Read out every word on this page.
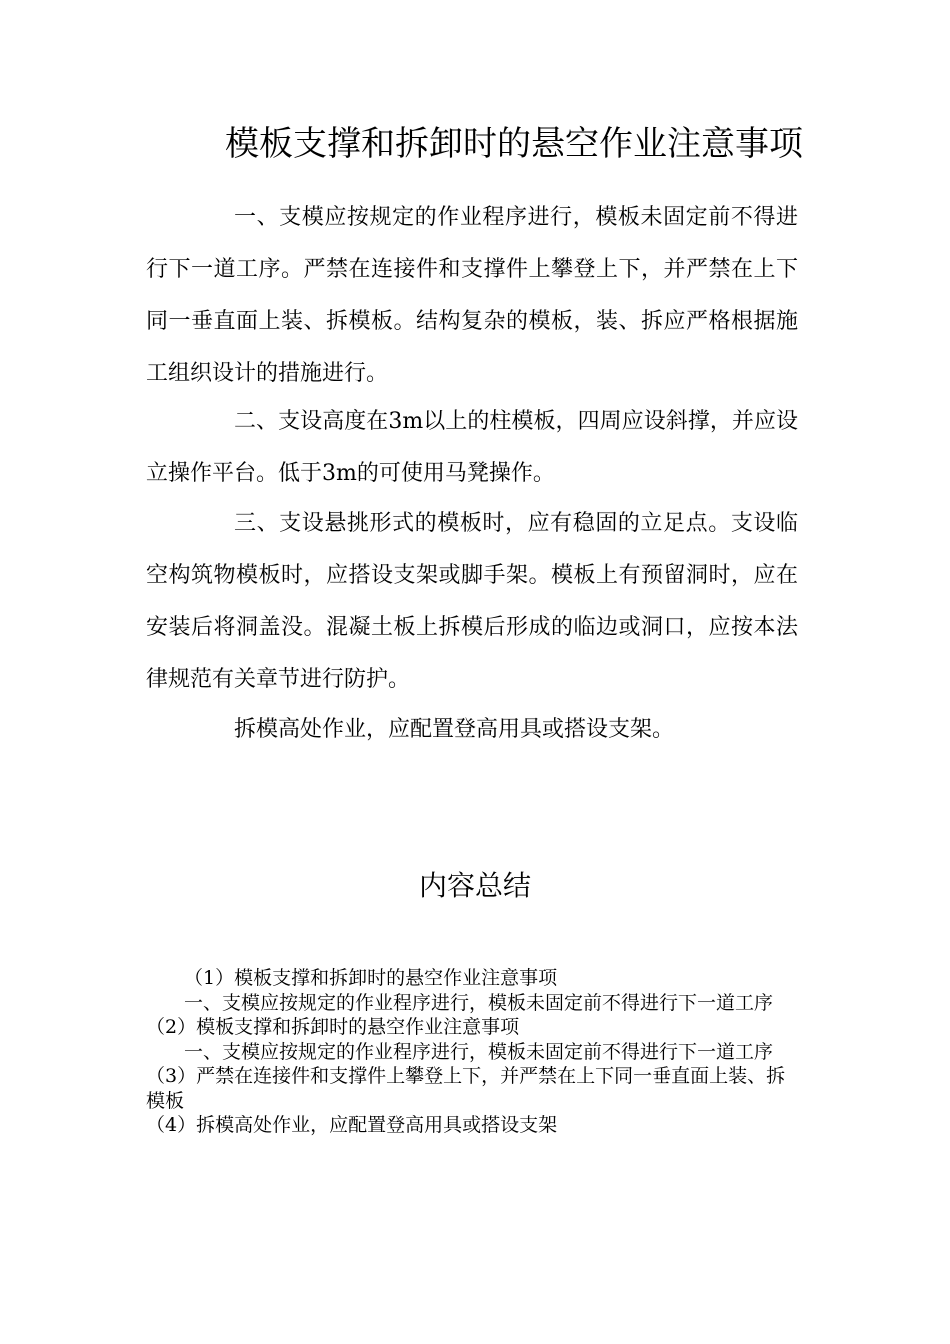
模板支撑和拆卸时的悬空作业注意事项

一、支模应按规定的作业程序进行，模板未固定前不得进行下一道工序。严禁在连接件和支撑件上攀登上下，并严禁在上下同一垂直面上装、拆模板。结构复杂的模板，装、拆应严格根据施工组织设计的措施进行。

二、支设高度在3m以上的柱模板，四周应设斜撑，并应设立操作平台。低于3m的可使用马凳操作。

三、支设悬挑形式的模板时，应有稳固的立足点。支设临空构筑物模板时，应搭设支架或脚手架。模板上有预留洞时，应在安装后将洞盖没。混凝土板上拆模后形成的临边或洞口，应按本法律规范有关章节进行防护。

拆模高处作业，应配置登高用具或搭设支架。

内容总结
（1）模板支撑和拆卸时的悬空作业注意事项
一、支模应按规定的作业程序进行，模板未固定前不得进行下一道工序
（2）模板支撑和拆卸时的悬空作业注意事项
一、支模应按规定的作业程序进行，模板未固定前不得进行下一道工序
（3）严禁在连接件和支撑件上攀登上下，并严禁在上下同一垂直面上装、拆模板
（4）拆模高处作业，应配置登高用具或搭设支架
